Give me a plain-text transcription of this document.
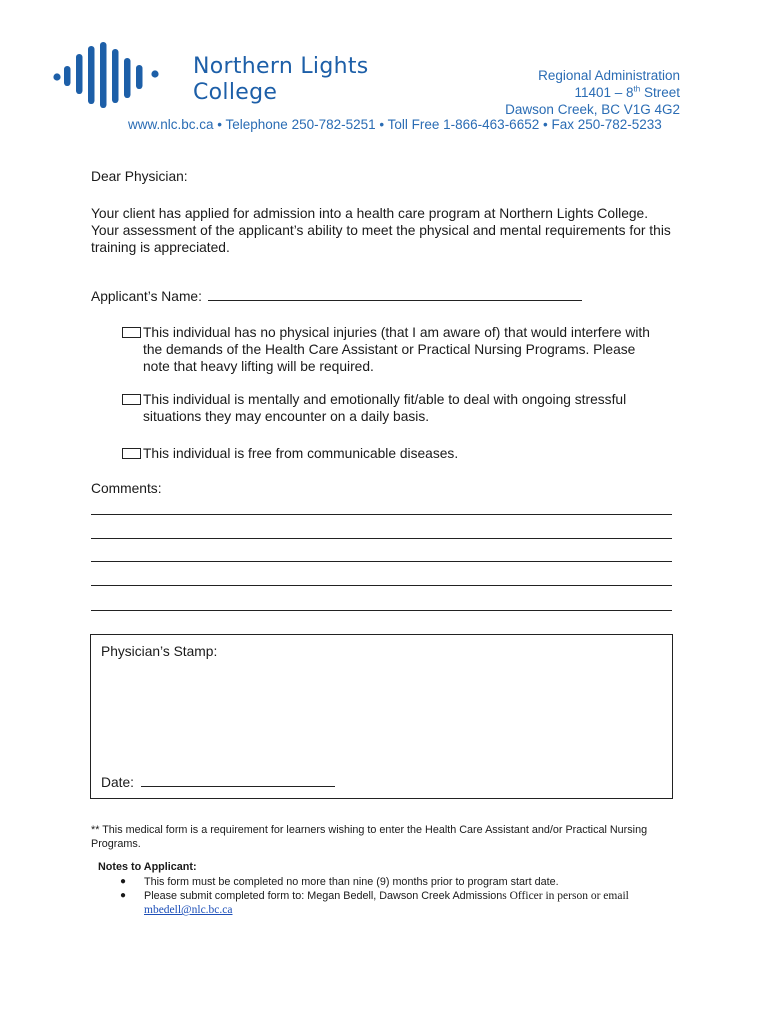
Northern Lights
College
Regional Administration
11401 – 8th Street
Dawson Creek, BC V1G 4G2
www.nlc.bc.ca • Telephone 250-782-5251 • Toll Free 1-866-463-6652 • Fax 250-782-5233
Dear Physician:
Your client has applied for admission into a health care program at Northern Lights College. Your assessment of the applicant’s ability to meet the physical and mental requirements for this training is appreciated.
Applicant’s Name:
This individual has no physical injuries (that I am aware of) that would interfere with
the demands of the Health Care Assistant or Practical Nursing Programs. Please
note that heavy lifting will be required.
This individual is mentally and emotionally fit/able to deal with ongoing stressful
situations they may encounter on a daily basis.
This individual is free from communicable diseases.
Comments:
Physician’s Stamp:
Date:
** This medical form is a requirement for learners wishing to enter the Health Care Assistant and/or Practical Nursing Programs.
Notes to Applicant:
● This form must be completed no more than nine (9) months prior to program start date.
● Please submit completed form to: Megan Bedell, Dawson Creek Admissions Officer in person or email
mbedell@nlc.bc.ca
